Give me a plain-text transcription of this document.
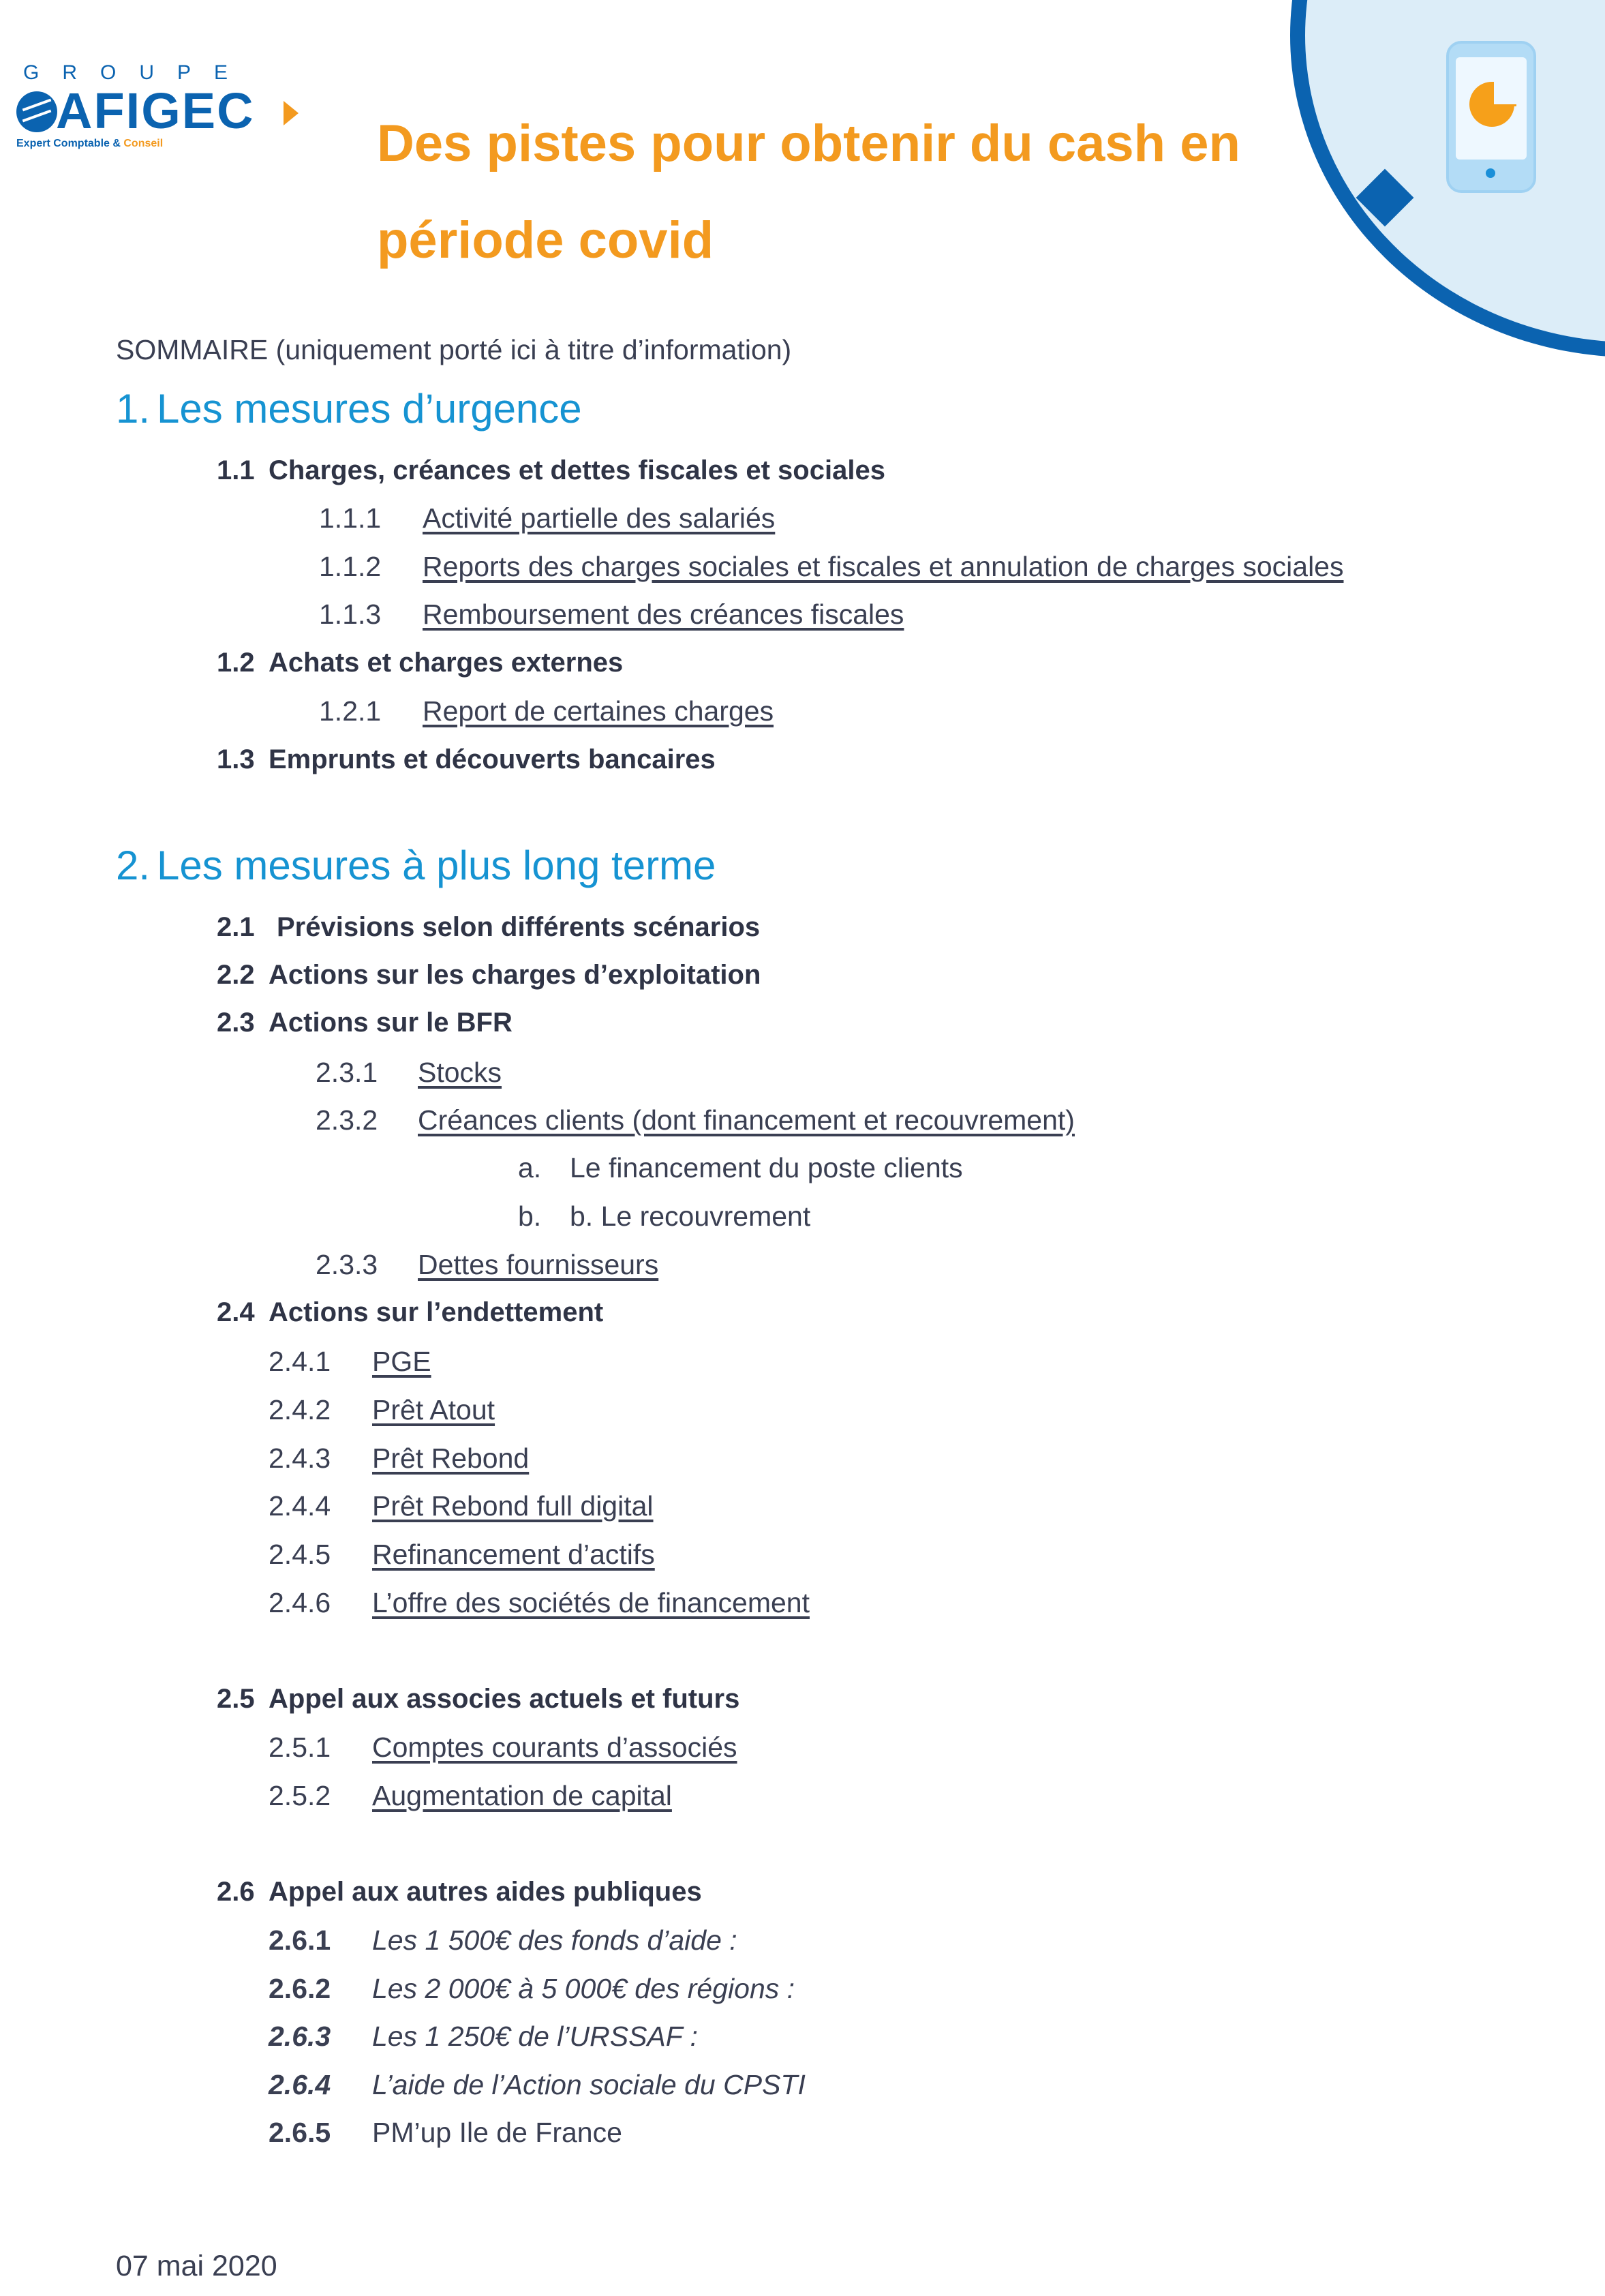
GROUPE
AFIGEC
Expert Comptable & Conseil	Des pistes pour obtenir du cash en
période covid
SOMMAIRE (uniquement porté ici à titre d’information)
1. Les mesures d’urgence
1.1 Charges, créances et dettes fiscales et sociales
1.1.1 Activité partielle des salariés
1.1.2 Reports des charges sociales et fiscales et annulation de charges sociales
1.1.3 Remboursement des créances fiscales
1.2 Achats et charges externes
1.2.1 Report de certaines charges
1.3 Emprunts et découverts bancaires
2. Les mesures à plus long terme
2.1 Prévisions selon différents scénarios
2.2 Actions sur les charges d’exploitation
2.3 Actions sur le BFR
2.3.1 Stocks
2.3.2 Créances clients (dont financement et recouvrement)
a. Le financement du poste clients
b. b. Le recouvrement
2.3.3 Dettes fournisseurs
2.4 Actions sur l’endettement
2.4.1 PGE
2.4.2 Prêt Atout
2.4.3 Prêt Rebond
2.4.4 Prêt Rebond full digital
2.4.5 Refinancement d’actifs
2.4.6 L’offre des sociétés de financement
2.5 Appel aux associes actuels et futurs
2.5.1 Comptes courants d’associés
2.5.2 Augmentation de capital
2.6 Appel aux autres aides publiques
2.6.1 Les 1 500€ des fonds d’aide :
2.6.2 Les 2 000€ à 5 000€ des régions :
2.6.3 Les 1 250€ de l’URSSAF :
2.6.4 L’aide de l’Action sociale du CPSTI
2.6.5 PM’up Ile de France
07 mai 2020
